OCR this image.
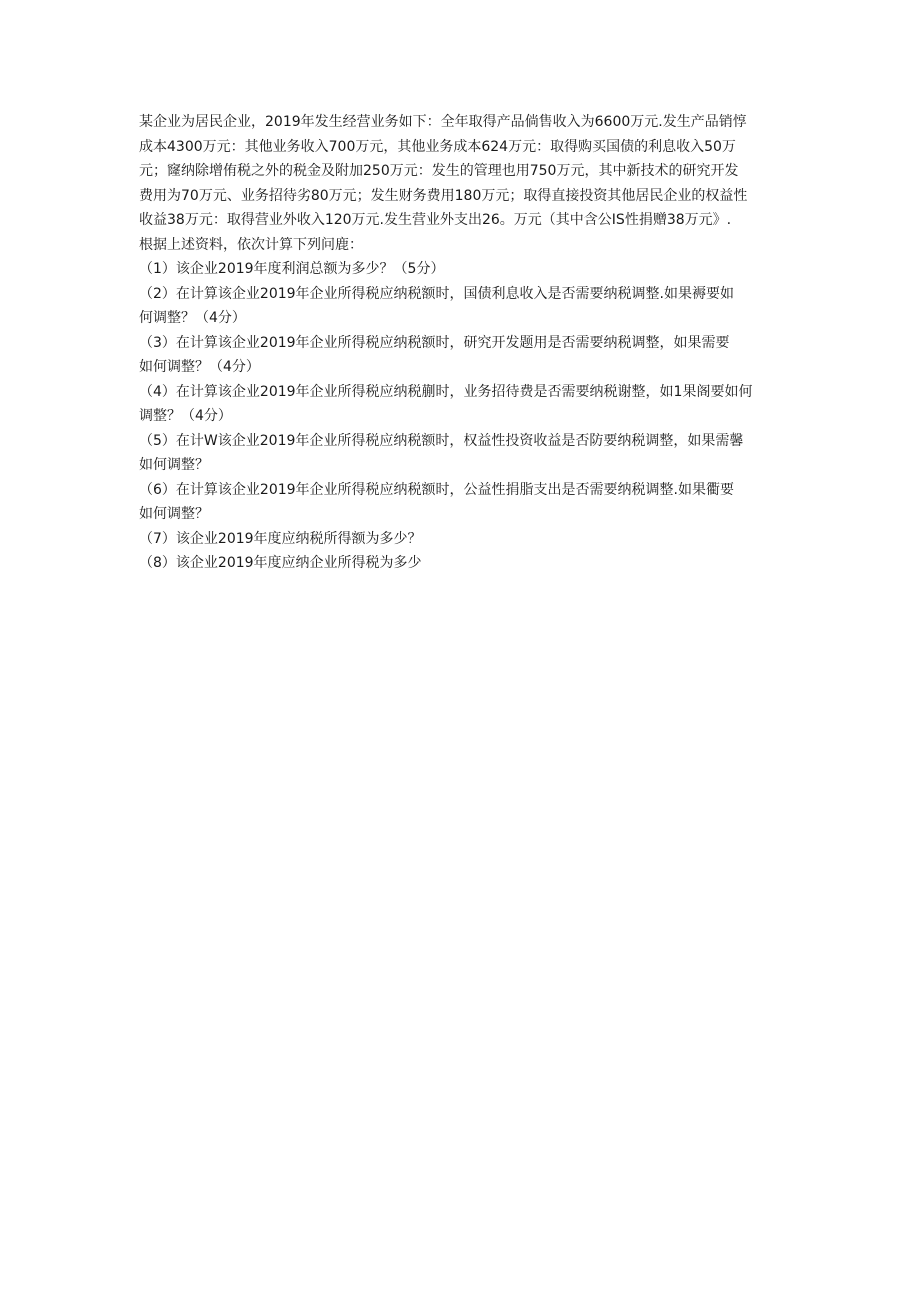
某企业为居民企业，2019年发生经营业务如下：全年取得产品倘售收入为6600万元.发生产品销惇
成本4300万元：其他业务收入700万元，其他业务成本624万元：取得购买国债的利息收入50万
元；窿纳除增侑税之外的税金及附加250万元：发生的管理也用750万元，其中新技术的研究开发
费用为70万元、业务招待劣80万元；发生财务费用180万元；取得直接投资其他居民企业的权益性
收益38万元：取得营业外收入120万元.发生营业外支出26。万元（其中含公IS性捐赠38万元》.
根据上述资料，依次计算下列问鹿：
（1）该企业2019年度利润总额为多少？（5分）
（2）在计算该企业2019年企业所得税应纳税额时，国债利息收入是否需要纳税调整.如果褥要如
何调整？（4分）
（3）在计算该企业2019年企业所得税应纳税额时，研究开发题用是否需要纳税调整，如果需要
如何调整？（4分）
（4）在计算该企业2019年企业所得税应纳税蒯时，业务招待费是否需要纳税谢整，如1果阁要如何
调整？（4分）
（5）在计W该企业2019年企业所得税应纳税额时，权益性投资收益是否防要纳税调整，如果需馨
如何调整？
（6）在计算该企业2019年企业所得税应纳税额时，公益性捐脂支出是否需要纳税调整.如果衢要
如何调整？
（7）该企业2019年度应纳税所得额为多少？
（8）该企业2019年度应纳企业所得税为多少
